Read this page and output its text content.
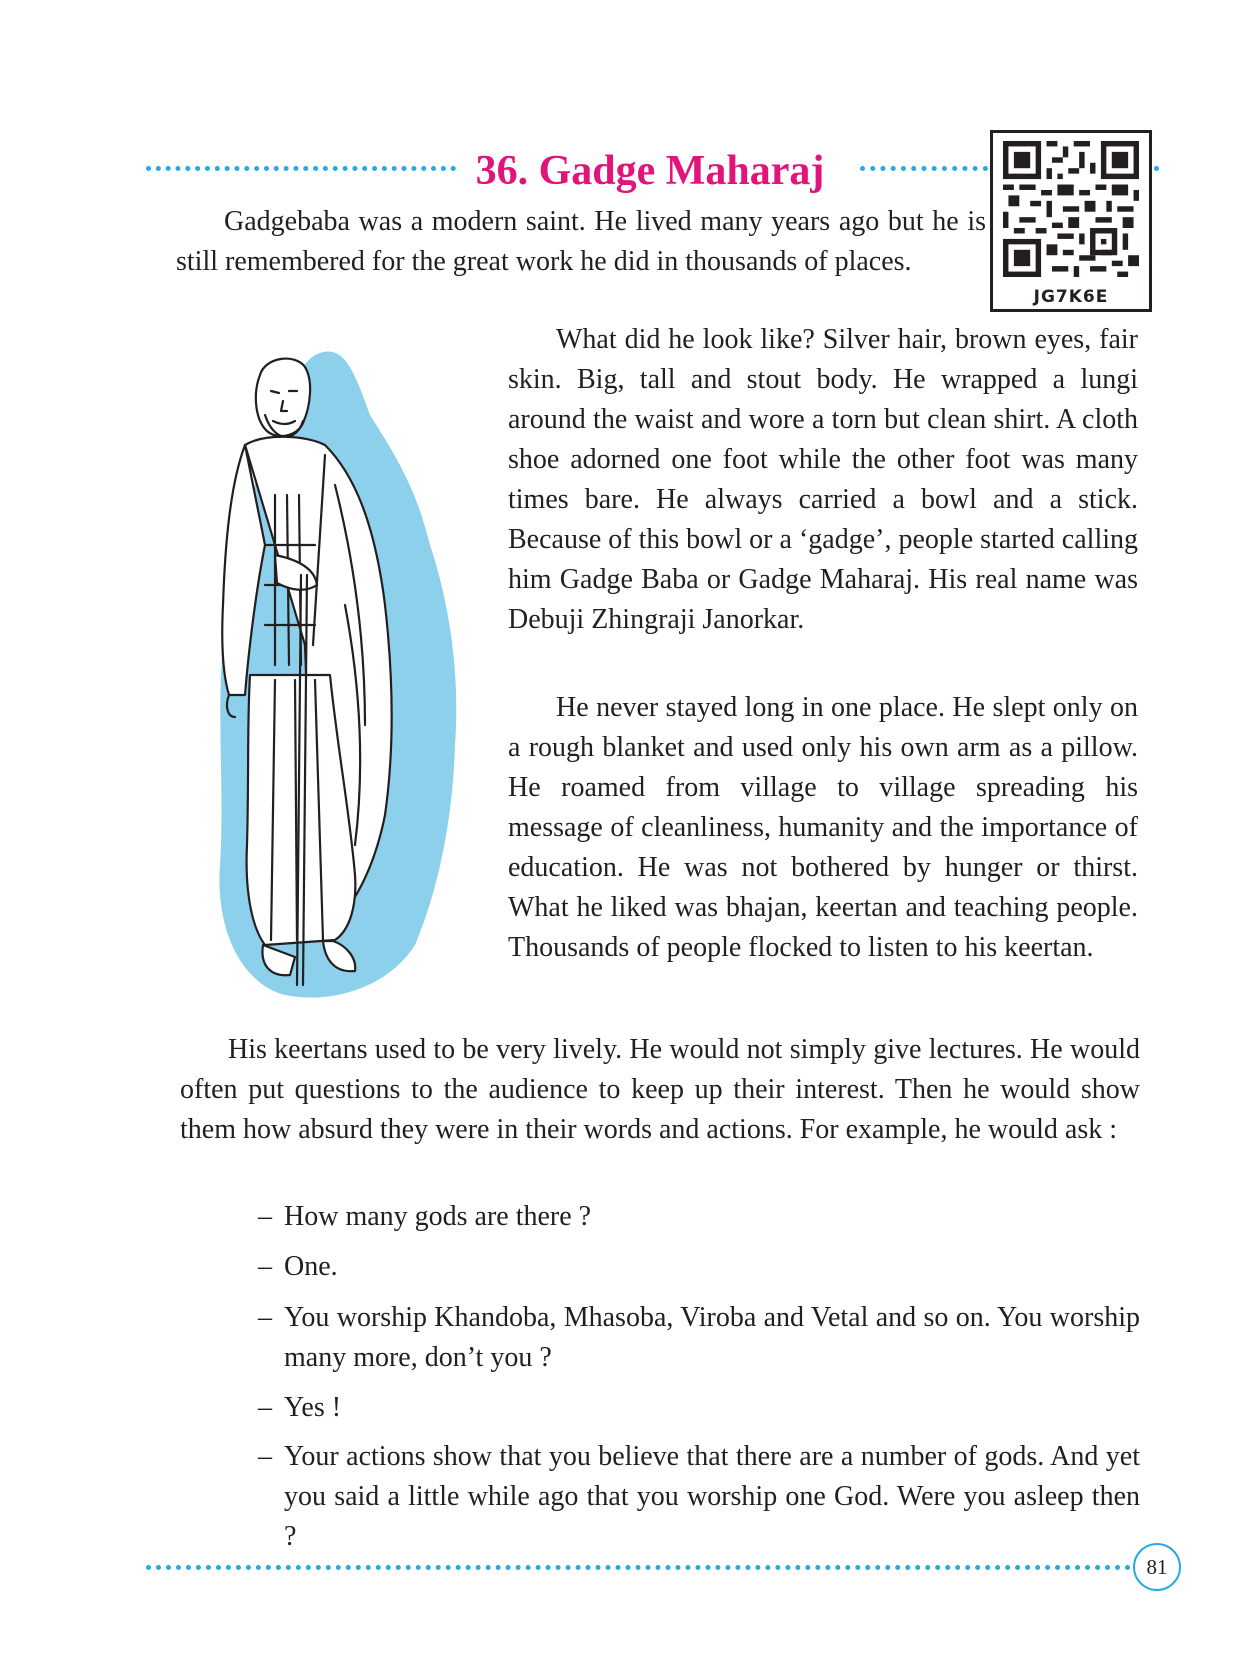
36. Gadge Maharaj
JG7K6E

Gadgebaba was a modern saint. He lived many years ago but he is still remembered for the great work he did in thousands of places.

What did he look like? Silver hair, brown eyes, fair skin. Big, tall and stout body. He wrapped a lungi around the waist and wore a torn but clean shirt. A cloth shoe adorned one foot while the other foot was many times bare. He always carried a bowl and a stick. Because of this bowl or a ‘gadge’, people started calling him Gadge Baba or Gadge Maharaj. His real name was Debuji Zhingraji Janorkar.

He never stayed long in one place. He slept only on a rough blanket and used only his own arm as a pillow. He roamed from village to village spreading his message of cleanliness, humanity and the importance of education. He was not bothered by hunger or thirst. What he liked was bhajan, keertan and teaching people. Thousands of people flocked to listen to his keertan.

His keertans used to be very lively. He would not simply give lectures. He would often put questions to the audience to keep up their interest. Then he would show them how absurd they were in their words and actions. For example, he would ask :

– How many gods are there ?
– One.
– You worship Khandoba, Mhasoba, Viroba and Vetal and so on. You worship many more, don’t you ?
– Yes !
– Your actions show that you believe that there are a number of gods. And yet you said a little while ago that you worship one God. Were you asleep then ?
81
